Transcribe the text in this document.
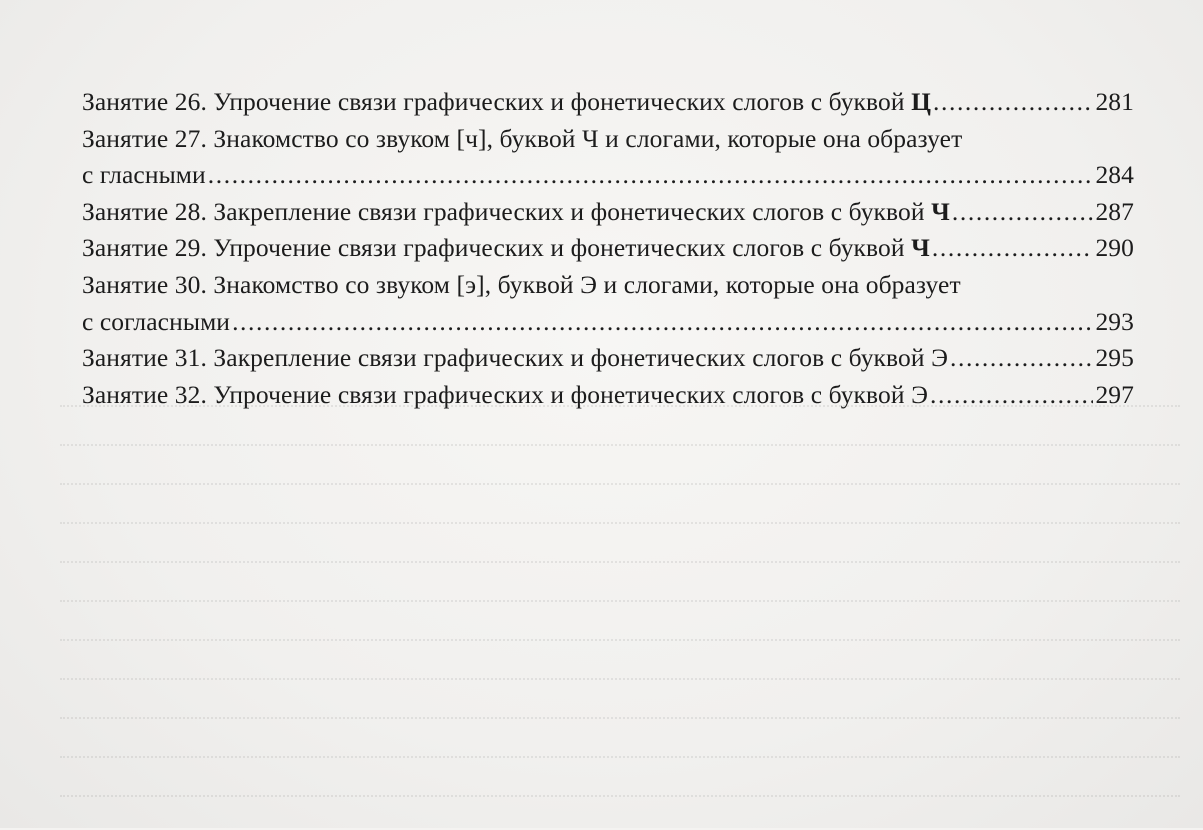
Занятие 26. Упрочение связи графических и фонетических слогов с буквой Ц .....	281
Занятие 27. Знакомство со звуком [ч], буквой Ч и слогами, которые она образует
с гласными .....	284
Занятие 28. Закрепление связи графических и фонетических слогов с буквой Ч .....	287
Занятие 29. Упрочение связи графических и фонетических слогов с буквой Ч .....	290
Занятие 30. Знакомство со звуком [э], буквой Э и слогами, которые она образует
с согласными .....	293
Занятие 31. Закрепление связи графических и фонетических слогов с буквой Э .....	295
Занятие 32. Упрочение связи графических и фонетических слогов с буквой Э .....	297
